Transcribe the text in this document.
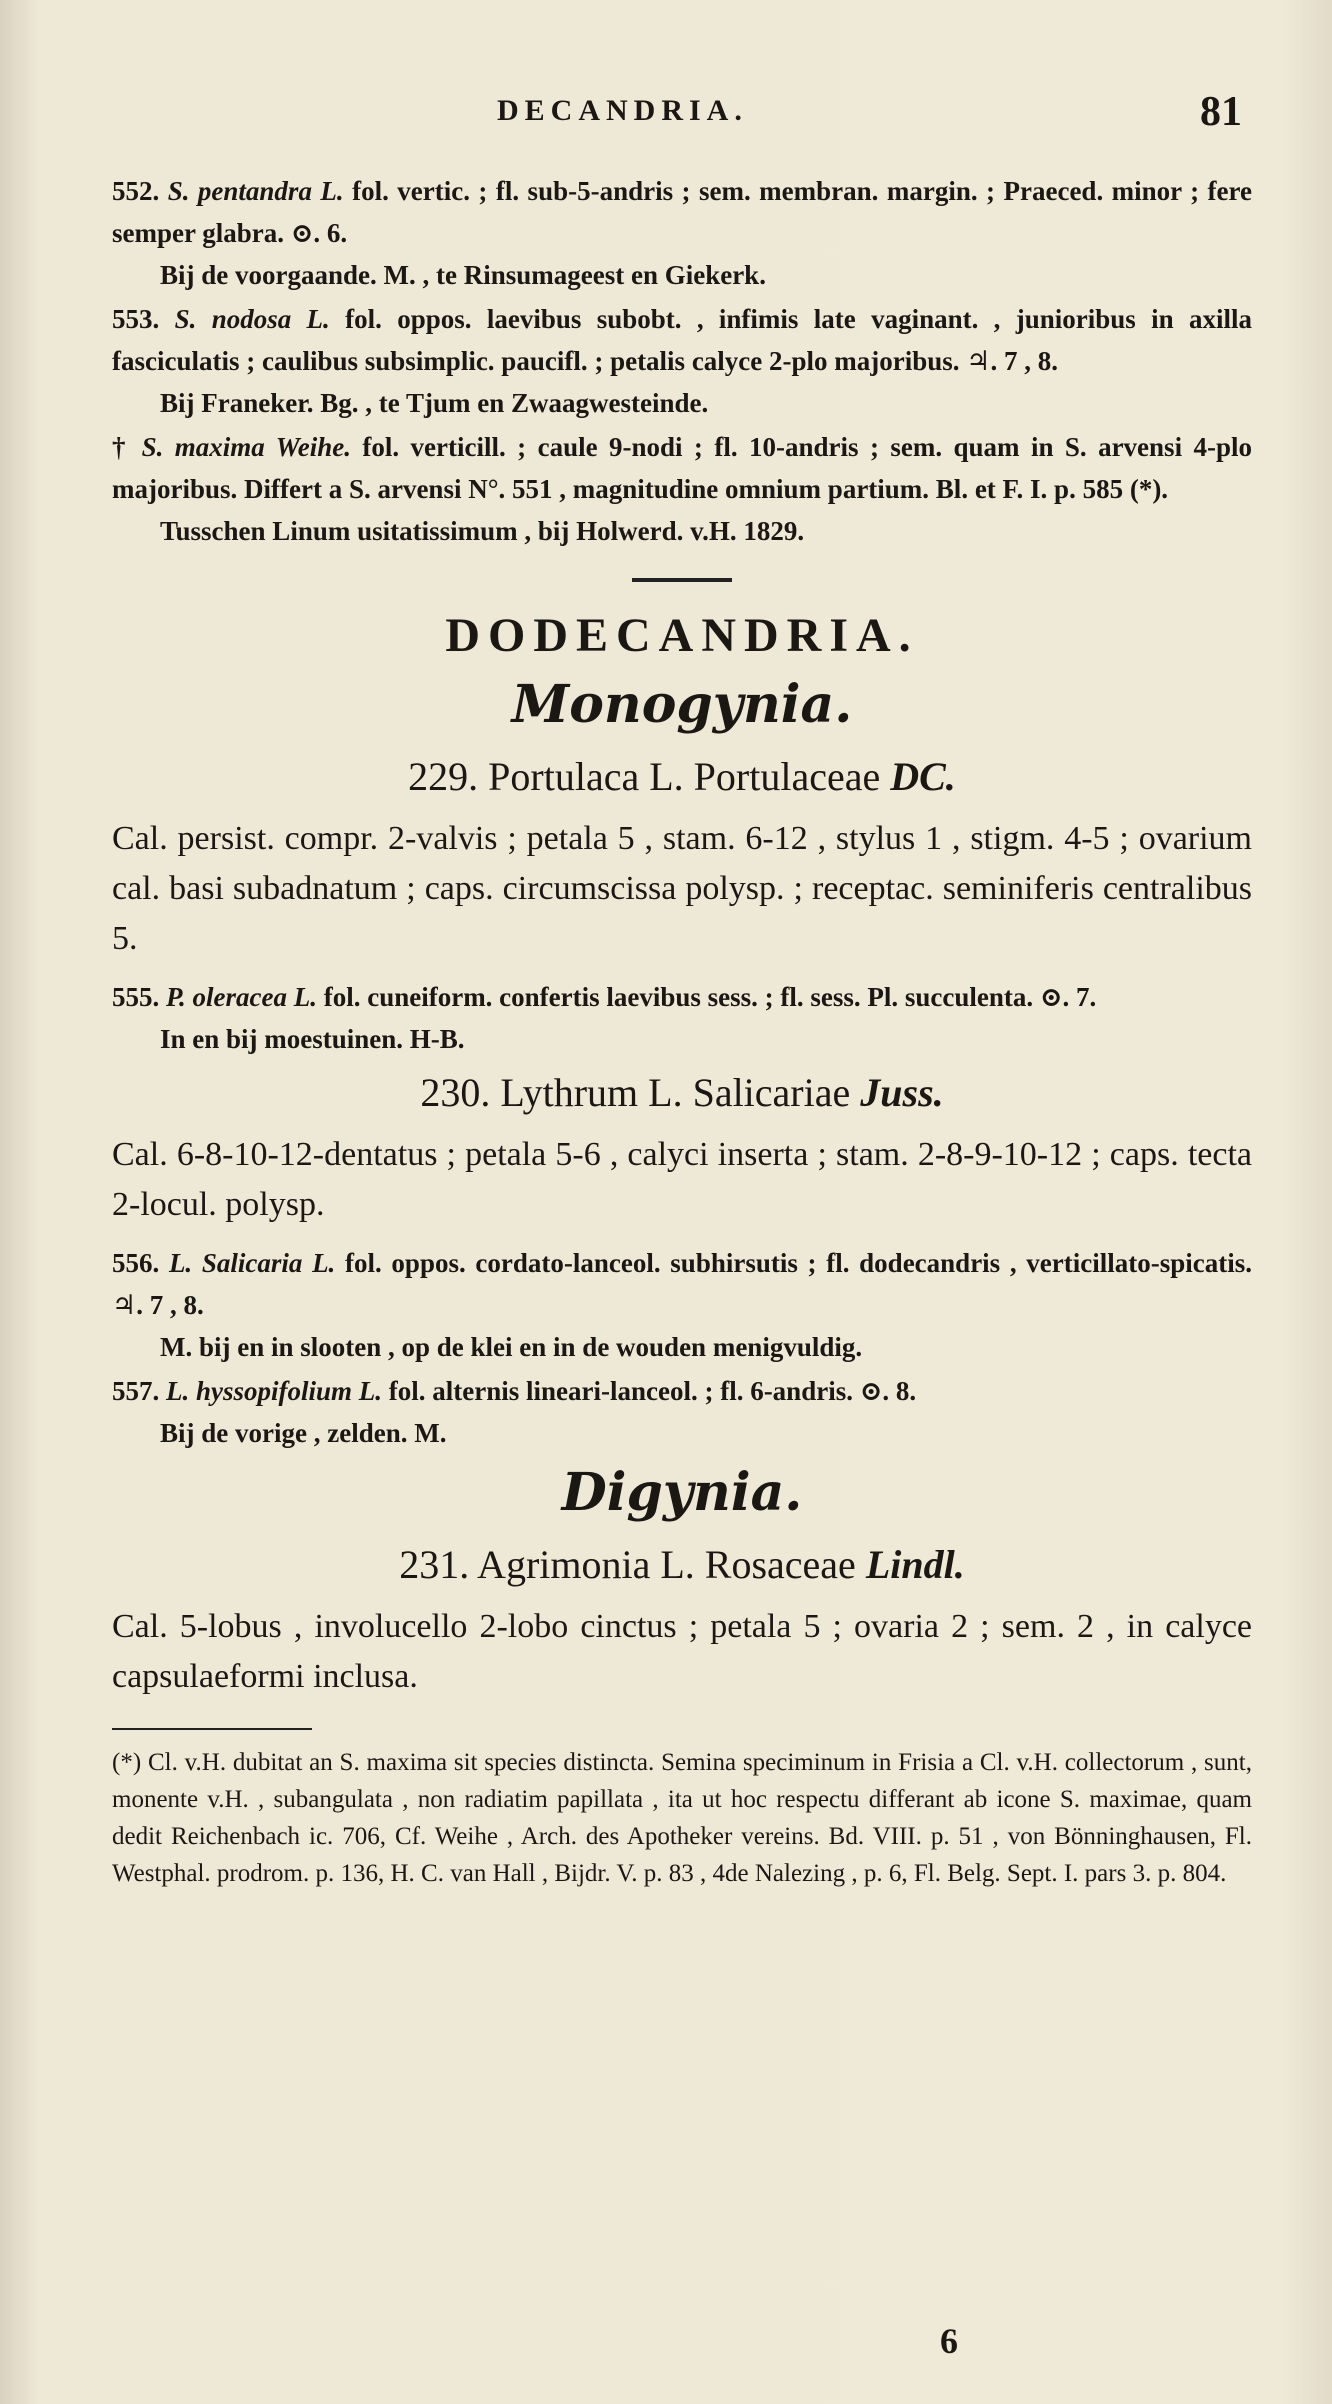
DECANDRIA.	81

552. S. pentandra L. fol. vertic. ; fl. sub-5-andris ; sem. membran. margin. ; Praeced. minor ; fere semper glabra. ⊙. 6.

Bij de voorgaande. M. , te Rinsumageest en Giekerk.

553. S. nodosa L. fol. oppos. laevibus subobt. , infimis late vaginant. , junioribus in axilla fasciculatis ; caulibus subsimplic. paucifl. ; petalis calyce 2-plo majoribus. ♃. 7 , 8.

Bij Franeker. Bg. , te Tjum en Zwaagwesteinde.

† S. maxima Weihe. fol. verticill. ; caule 9-nodi ; fl. 10-andris ; sem. quam in S. arvensi 4-plo majoribus. Differt a S. arvensi N°. 551 , magnitudine omnium partium. Bl. et F. I. p. 585 (*).

Tusschen Linum usitatissimum , bij Holwerd. v.H. 1829.

DODECANDRIA.
Monogynia.
229. Portulaca L. Portulaceae DC.

Cal. persist. compr. 2-valvis ; petala 5 , stam. 6-12 , stylus 1 , stigm. 4-5 ; ovarium cal. basi subadnatum ; caps. circumscissa polysp. ; receptac. seminiferis centralibus 5.

555. P. oleracea L. fol. cuneiform. confertis laevibus sess. ; fl. sess. Pl. succulenta. ⊙. 7.

In en bij moestuinen. H-B.

230. Lythrum L. Salicariae Juss.

Cal. 6-8-10-12-dentatus ; petala 5-6 , calyci inserta ; stam. 2-8-9-10-12 ; caps. tecta 2-locul. polysp.

556. L. Salicaria L. fol. oppos. cordato-lanceol. subhirsutis ; fl. dodecandris , verticillato-spicatis. ♃. 7 , 8.

M. bij en in slooten , op de klei en in de wouden menigvuldig.

557. L. hyssopifolium L. fol. alternis lineari-lanceol. ; fl. 6-andris. ⊙. 8.

Bij de vorige , zelden. M.

Digynia.
231. Agrimonia L. Rosaceae Lindl.

Cal. 5-lobus , involucello 2-lobo cinctus ; petala 5 ; ovaria 2 ; sem. 2 , in calyce capsulaeformi inclusa.

(*) Cl. v.H. dubitat an S. maxima sit species distincta. Semina speciminum in Frisia a Cl. v.H. collectorum , sunt, monente v.H. , subangulata , non radiatim papillata , ita ut hoc respectu differant ab icone S. maximae, quam dedit Reichenbach ic. 706, Cf. Weihe , Arch. des Apotheker vereins. Bd. VIII. p. 51 , von Bönninghausen, Fl. Westphal. prodrom. p. 136, H. C. van Hall , Bijdr. V. p. 83 , 4de Nalezing , p. 6, Fl. Belg. Sept. I. pars 3. p. 804.

6
